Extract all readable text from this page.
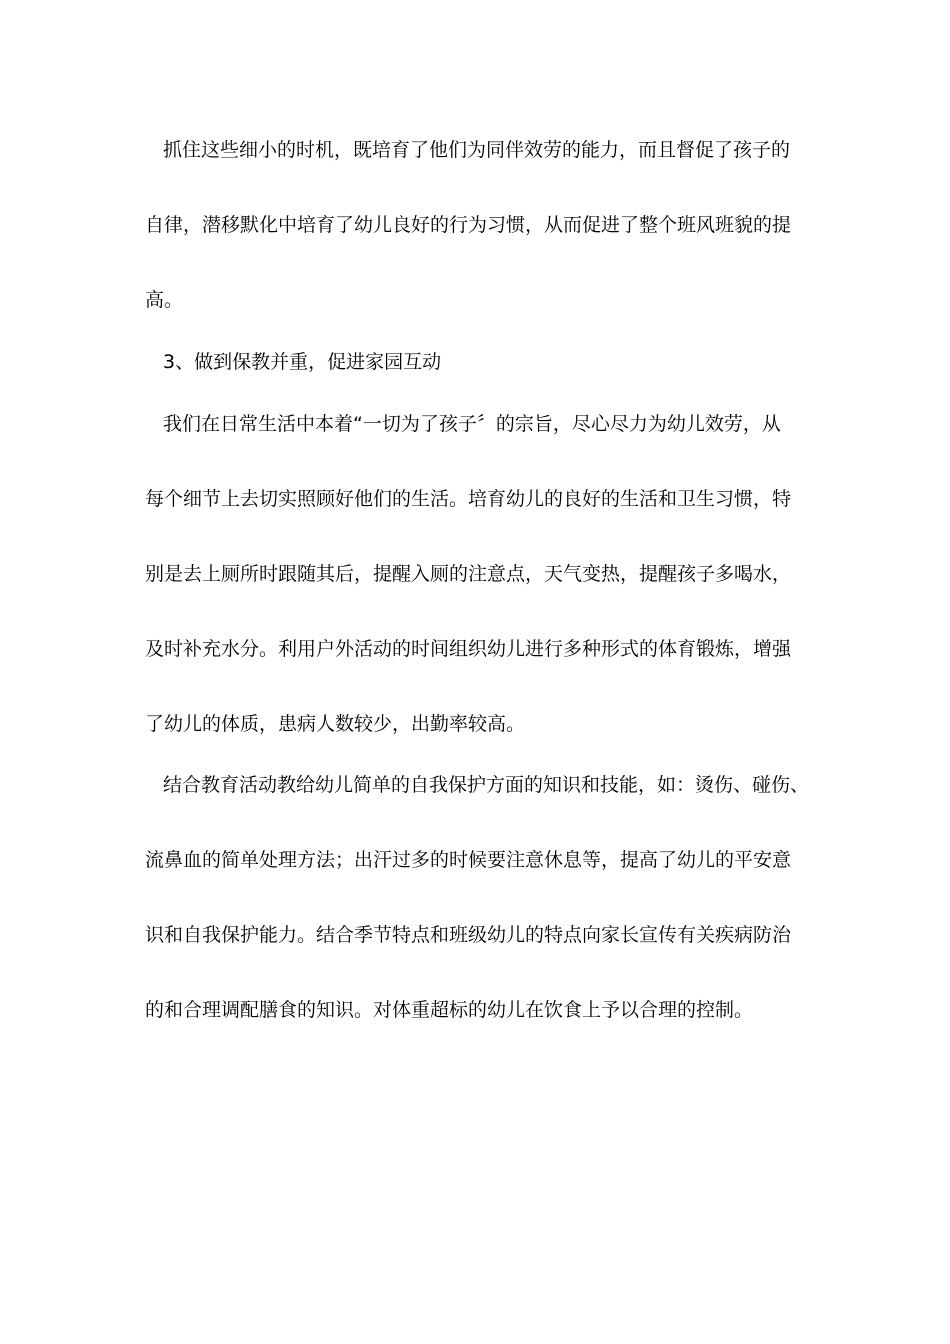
抓住这些细小的时机，既培育了他们为同伴效劳的能力，而且督促了孩子的
自律，潜移默化中培育了幼儿良好的行为习惯，从而促进了整个班风班貌的提
高。
3、做到保教并重，促进家园互动
我们在日常生活中本着“一切为了孩子〞的宗旨，尽心尽力为幼儿效劳，从
每个细节上去切实照顾好他们的生活。培育幼儿的良好的生活和卫生习惯，特
别是去上厕所时跟随其后，提醒入厕的注意点，天气变热，提醒孩子多喝水，
及时补充水分。利用户外活动的时间组织幼儿进行多种形式的体育锻炼，增强
了幼儿的体质，患病人数较少，出勤率较高。
结合教育活动教给幼儿简单的自我保护方面的知识和技能，如：烫伤、碰伤、
流鼻血的简单处理方法；出汗过多的时候要注意休息等，提高了幼儿的平安意
识和自我保护能力。结合季节特点和班级幼儿的特点向家长宣传有关疾病防治
的和合理调配膳食的知识。对体重超标的幼儿在饮食上予以合理的控制。
